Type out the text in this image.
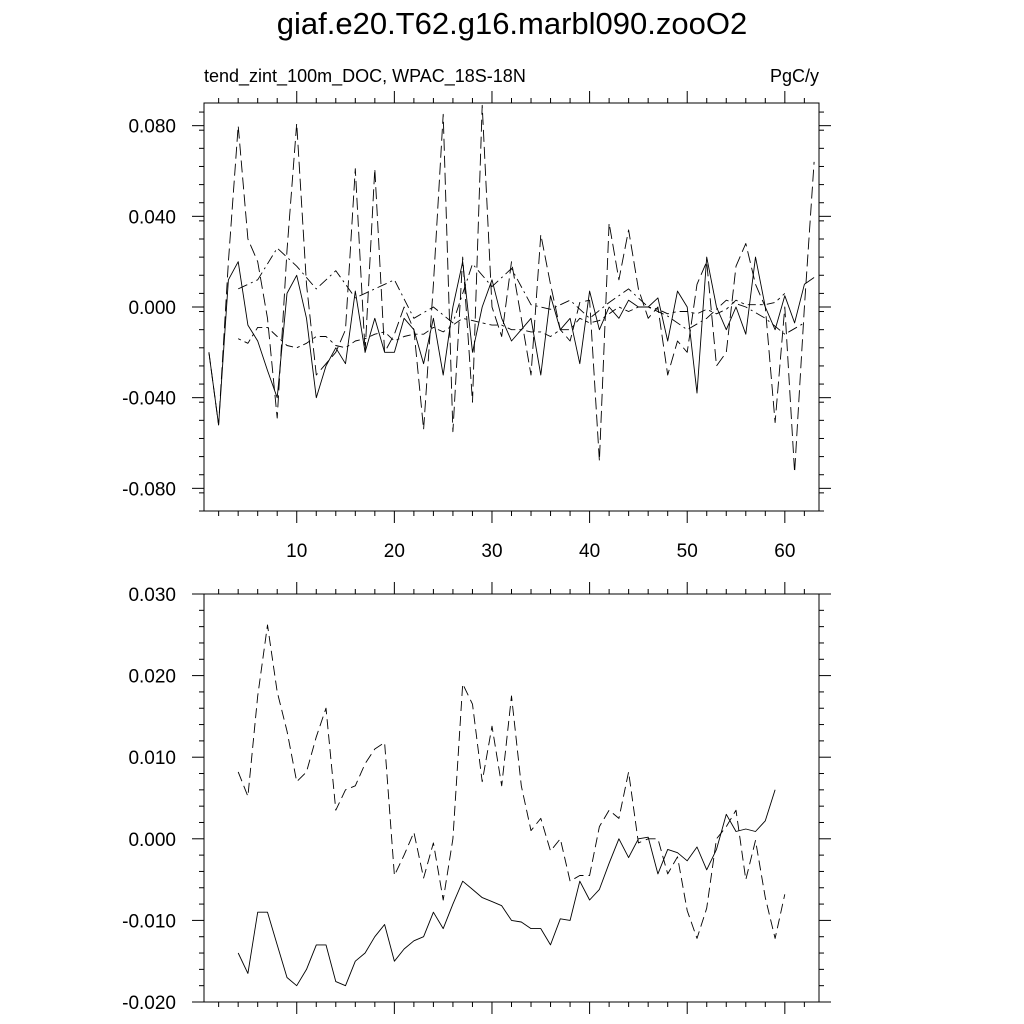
giaf.e20.T62.g16.marbl090.zooO2
tend_zint_100m_DOC, WPAC_18S-18N	PgC/y
-0.080
-0.040
0.000
0.040
0.080
10	20	30	40	50	60
-0.020
-0.010
0.000
0.010
0.020
0.030
